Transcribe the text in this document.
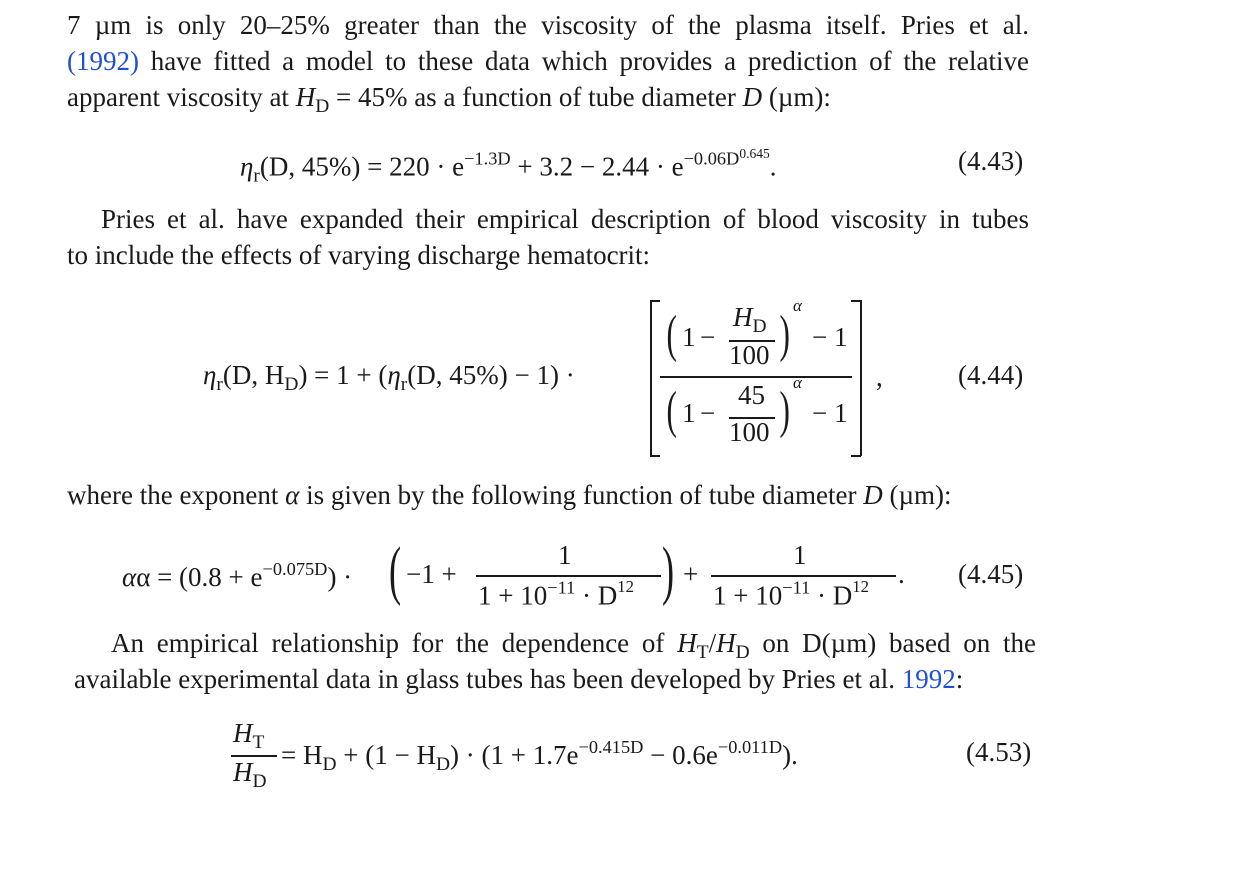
7 µm is only 20–25% greater than the viscosity of the plasma itself. Pries et al.
(1992) have fitted a model to these data which provides a prediction of the relative
apparent viscosity at $H_D = 45\%$ as a function of tube diameter D (µm):
$\eta_r(D$, $45\%) = 220 \cdot e^{-1.3D} + 3.2 - 2.44 \cdot e^{-0.06D0.645}$.	(4.43)
Pries et al. have expanded their empirical description of blood viscosity in tubes
to include the effects of varying discharge hematocrit:
$\eta_r(D$, $H_D) = 1 + (\eta_r(D$, 45%) − 1) ·
( 1 −
$H_D$
100 )
α
− 1
( 1 −
45
100 ) α
− 1
,	(4.44)
where the exponent α is given by the following function of tube diameter D (µm):
$\alpha\alpha = (0.8 + e^{-0.075D})$ · ( −1 +
1
$1 + 10^{-11} \cdot D^{12}$ ) +
1
$1 + 10^{-11} \cdot D^{12}$ . (4.45)
An empirical relationship for the dependence of $H_T/H_D$ on D(µm) based on the
available experimental data in glass tubes has been developed by Pries et al. 1992:
$H_T$
$H_D$
= $H_D + (1 - H_D) \cdot (1 + 1.7e^{-0.415D} - 0.6e^{-0.011D})$.	(4.53)
